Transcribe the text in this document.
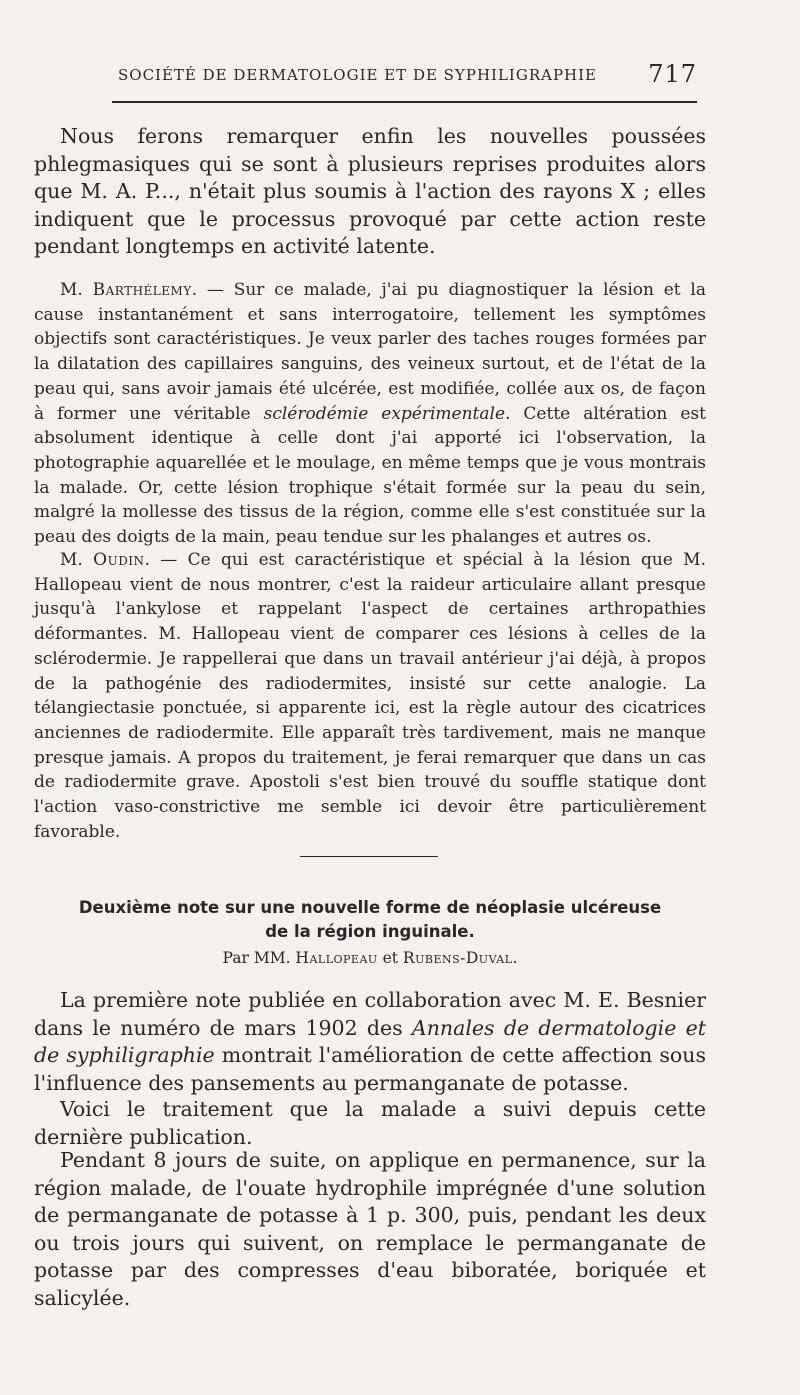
SOCIÉTÉ DE DERMATOLOGIE ET DE SYPHILIGRAPHIE 717

Nous ferons remarquer enfin les nouvelles poussées phlegmasiques qui se sont à plusieurs reprises produites alors que M. A. P..., n'était plus soumis à l'action des rayons X ; elles indiquent que le processus provoqué par cette action reste pendant longtemps en activité latente.

M. Barthélemy. — Sur ce malade, j'ai pu diagnostiquer la lésion et la cause instantanément et sans interrogatoire, tellement les symptômes objectifs sont caractéristiques. Je veux parler des taches rouges formées par la dilatation des capillaires sanguins, des veineux surtout, et de l'état de la peau qui, sans avoir jamais été ulcérée, est modifiée, collée aux os, de façon à former une véritable sclérodémie expérimentale. Cette altération est absolument identique à celle dont j'ai apporté ici l'observation, la photographie aquarellée et le moulage, en même temps que je vous montrais la malade. Or, cette lésion trophique s'était formée sur la peau du sein, malgré la mollesse des tissus de la région, comme elle s'est constituée sur la peau des doigts de la main, peau tendue sur les phalanges et autres os.

M. Oudin. — Ce qui est caractéristique et spécial à la lésion que M. Hallopeau vient de nous montrer, c'est la raideur articulaire allant presque jusqu'à l'ankylose et rappelant l'aspect de certaines arthropathies déformantes. M. Hallopeau vient de comparer ces lésions à celles de la sclérodermie. Je rappellerai que dans un travail antérieur j'ai déjà, à propos de la pathogénie des radiodermites, insisté sur cette analogie. La télangiectasie ponctuée, si apparente ici, est la règle autour des cicatrices anciennes de radiodermite. Elle apparaît très tardivement, mais ne manque presque jamais. A propos du traitement, je ferai remarquer que dans un cas de radiodermite grave. Apostoli s'est bien trouvé du souffle statique dont l'action vaso-constrictive me semble ici devoir être particulièrement favorable.

Deuxième note sur une nouvelle forme de néoplasie ulcéreuse
de la région inguinale.
Par MM. Hallopeau et Rubens-Duval.

La première note publiée en collaboration avec M. E. Besnier dans le numéro de mars 1902 des Annales de dermatologie et de syphiligraphie montrait l'amélioration de cette affection sous l'influence des pansements au permanganate de potasse.

Voici le traitement que la malade a suivi depuis cette dernière publication.

Pendant 8 jours de suite, on applique en permanence, sur la région malade, de l'ouate hydrophile imprégnée d'une solution de permanganate de potasse à 1 p. 300, puis, pendant les deux ou trois jours qui suivent, on remplace le permanganate de potasse par des compresses d'eau biboratée, boriquée et salicylée.
